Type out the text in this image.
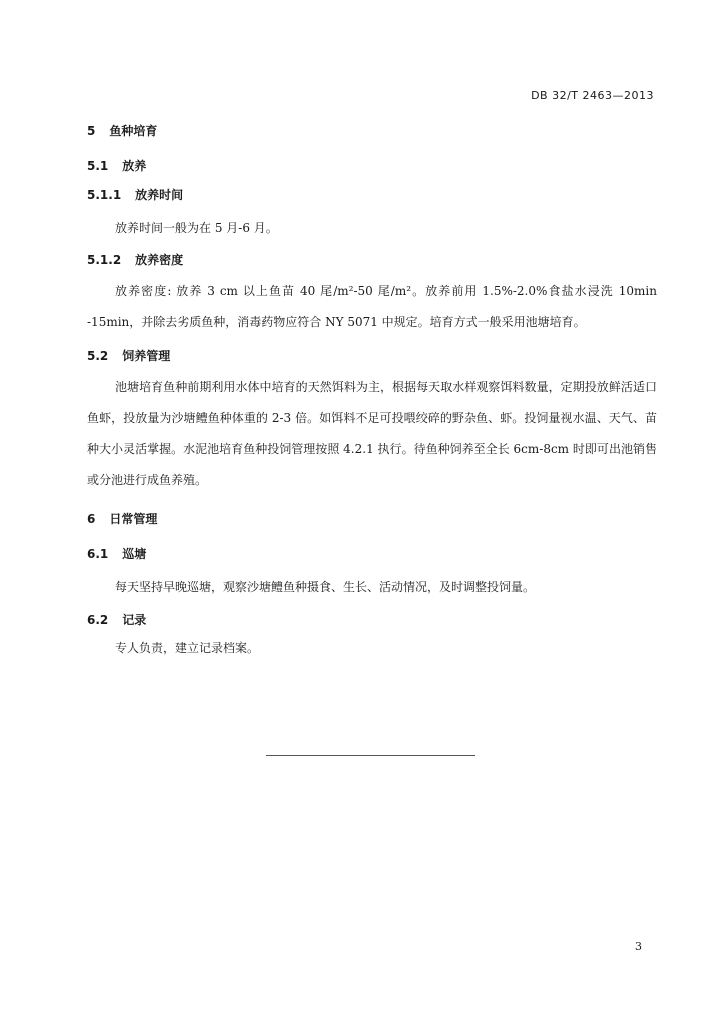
DB 32/T 2463—2013
5 鱼种培育
5.1 放养
5.1.1 放养时间
放养时间一般为在 5 月-6 月。
5.1.2 放养密度
放养密度: 放养 3 cm 以上鱼苗 40 尾/m²-50 尾/m²。放养前用 1.5%-2.0%食盐水浸洗 10min -15min，并除去劣质鱼种，消毒药物应符合 NY 5071 中规定。培育方式一般采用池塘培育。
5.2 饲养管理
池塘培育鱼种前期利用水体中培育的天然饵料为主，根据每天取水样观察饵料数量，定期投放鲜活适口鱼虾，投放量为沙塘鳢鱼种体重的 2-3 倍。如饵料不足可投喂绞碎的野杂鱼、虾。投饲量视水温、天气、苗种大小灵活掌握。水泥池培育鱼种投饲管理按照 4.2.1 执行。待鱼种饲养至全长 6cm-8cm 时即可出池销售或分池进行成鱼养殖。
6 日常管理
6.1 巡塘
每天坚持早晚巡塘，观察沙塘鳢鱼种摄食、生长、活动情况，及时调整投饲量。
6.2 记录
专人负责，建立记录档案。
3
